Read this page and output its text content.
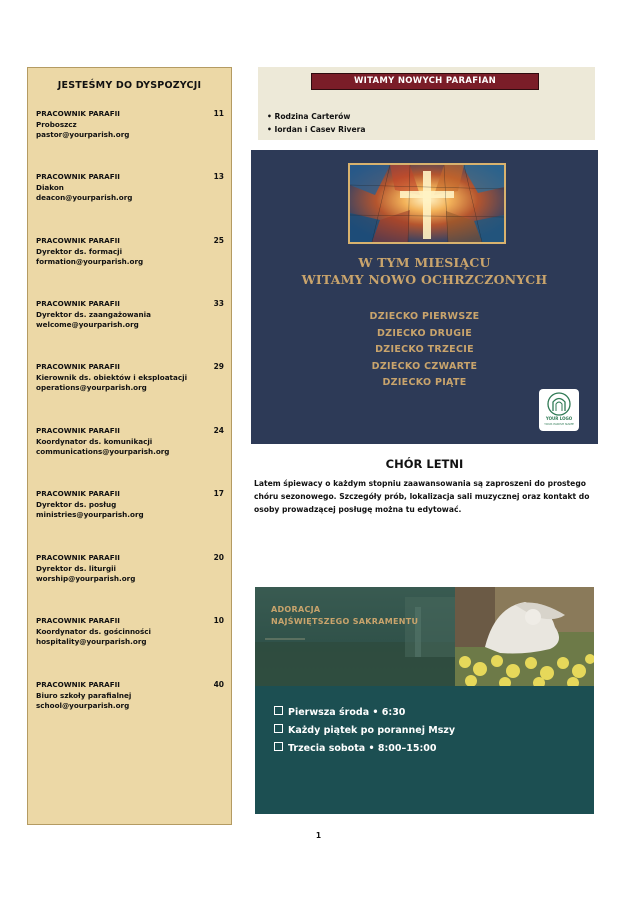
JESTEŚMY DO DYSPOZYCJI
PRACOWNIK PARAFII
Proboszcz
pastor@yourparish.org
11
PRACOWNIK PARAFII
Diakon
deacon@yourparish.org
13
PRACOWNIK PARAFII
Dyrektor ds. formacji
formation@yourparish.org
25
PRACOWNIK PARAFII
Dyrektor ds. zaangażowania
welcome@yourparish.org
33
PRACOWNIK PARAFII
Kierownik ds. obiektów i eksploatacji
operations@yourparish.org
29
PRACOWNIK PARAFII
Koordynator ds. komunikacji
communications@yourparish.org
24
PRACOWNIK PARAFII
Dyrektor ds. posług
ministries@yourparish.org
17
PRACOWNIK PARAFII
Dyrektor ds. liturgii
worship@yourparish.org
20
PRACOWNIK PARAFII
Koordynator ds. gościnności
hospitality@yourparish.org
10
PRACOWNIK PARAFII
Biuro szkoły parafialnej
school@yourparish.org
40
WITAMY NOWYCH PARAFIAN
• Rodzina Carterów
• Iordan i Casev Rivera
W TYM MIESIĄCU
WITAMY NOWO OCHRZCZONYCH
DZIECKO PIERWSZE
DZIECKO DRUGIE
DZIECKO TRZECIE
DZIECKO CZWARTE
DZIECKO PIĄTE
YOUR LOGO
YOUR PARISH NAME
CHÓR LETNI
Latem śpiewacy o każdym stopniu zaawansowania są zaproszeni do prostego chóru sezonowego. Szczegóły prób, lokalizacja sali muzycznej oraz kontakt do osoby prowadzącej posługę można tu edytować.
ADORACJA
NAJŚWIĘTSZEGO SAKRAMENTU
Pierwsza środa • 6:30
Każdy piątek po porannej Mszy
Trzecia sobota • 8:00–15:00
1
